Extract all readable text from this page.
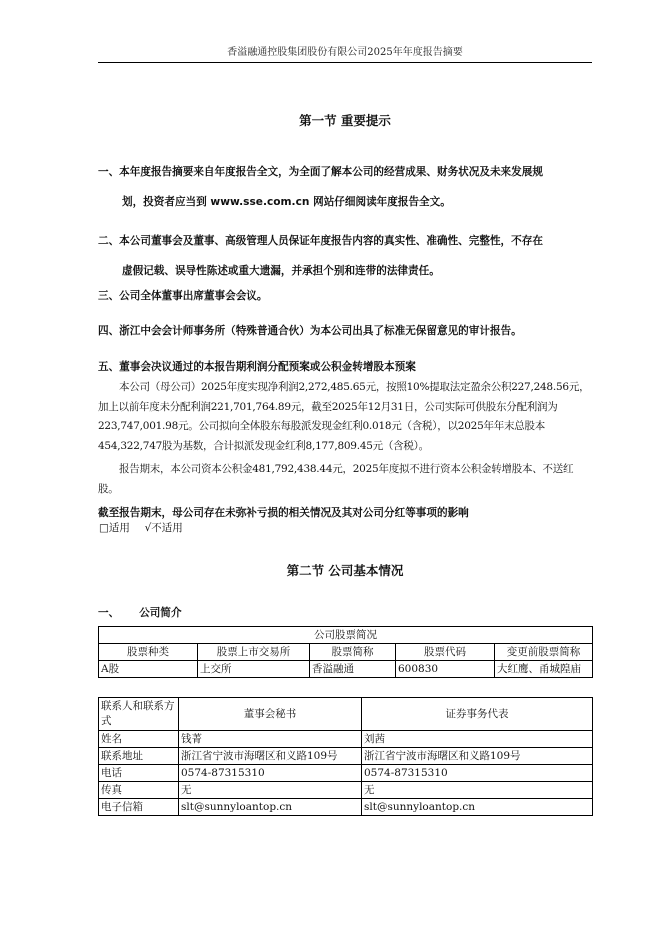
香溢融通控股集团股份有限公司2025年年度报告摘要
第一节 重要提示
一、本年度报告摘要来自年度报告全文，为全面了解本公司的经营成果、财务状况及未来发展规
划，投资者应当到 www.sse.com.cn 网站仔细阅读年度报告全文。
二、本公司董事会及董事、高级管理人员保证年度报告内容的真实性、准确性、完整性，不存在
虚假记载、误导性陈述或重大遗漏，并承担个别和连带的法律责任。
三、公司全体董事出席董事会会议。
四、浙江中会会计师事务所（特殊普通合伙）为本公司出具了标准无保留意见的审计报告。
五、董事会决议通过的本报告期利润分配预案或公积金转增股本预案
本公司（母公司）2025年度实现净利润2,272,485.65元，按照10%提取法定盈余公积227,248.56元，加上以前年度未分配利润221,701,764.89元，截至2025年12月31日，公司实际可供股东分配利润为223,747,001.98元。公司拟向全体股东每股派发现金红利0.018元（含税），以2025年年末总股本454,322,747股为基数，合计拟派发现金红利8,177,809.45元（含税）。
报告期末，本公司资本公积金481,792,438.44元，2025年度拟不进行资本公积金转增股本、不送红股。
截至报告期末，母公司存在未弥补亏损的相关情况及其对公司分红等事项的影响
□适用 √不适用
第二节 公司基本情况
一、 公司简介
公司股票简况				
股票种类	股票上市交易所	股票简称	股票代码	变更前股票简称
A股	上交所	香溢融通	600830	大红鹰、甬城隍庙
联系人和联系方式	董事会秘书	证券事务代表
姓名	钱菁	刘茜
联系地址	浙江省宁波市海曙区和义路109号	浙江省宁波市海曙区和义路109号
电话	0574-87315310	0574-87315310
传真	无	无
电子信箱	slt@sunnyloantop.cn	slt@sunnyloantop.cn
